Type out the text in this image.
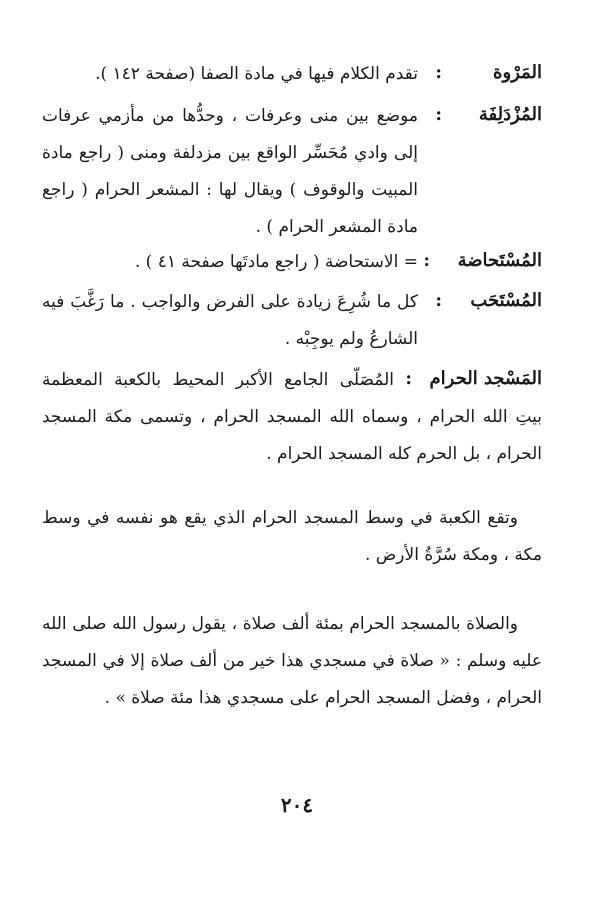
المَرْوة
:
تقدم الكلام فيها في مادة الصفا (صفحة ١٤٢ ).
المُزْدَلِفَة
:
موضع بين منى وعرفات ، وحدُّها من مأزمي عرفات إلى وادي مُحَسِّر الواقع بين مزدلفة ومنى ( راجع مادة المبيت والوقوف ) ويقال لها : المشعر الحرام ( راجع مادة المشعر الحرام ) .
المُسْتَحاضة
:
= الاستحاضة ( راجع مادتَها صفحة ٤١ ) .
المُسْتَحَب
:
كل ما شُرِعَ زيادة على الفرض والواجب . ما رَغَّبَ فيه الشارعُ ولم يوجِبْه .
المَسْجد الحرام
:
المُصَلّى الجامع الأكبر المحيط بالكعبة المعظمة بيتِ الله الحرام ، وسماه الله المسجد الحرام ، وتسمى مكة المسجد الحرام ، بل الحرم كله المسجد الحرام .
وتقع الكعبة في وسط المسجد الحرام الذي يقع هو نفسه في وسط مكة ، ومكة سُرَّةُ الأرض .
والصلاة بالمسجد الحرام بمئة ألف صلاة ، يقول رسول الله صلى الله عليه وسلم : « صلاة في مسجدي هذا خير من ألف صلاة إلا في المسجد الحرام ، وفضل المسجد الحرام على مسجدي هذا مئة صلاة » .
٢٠٤
